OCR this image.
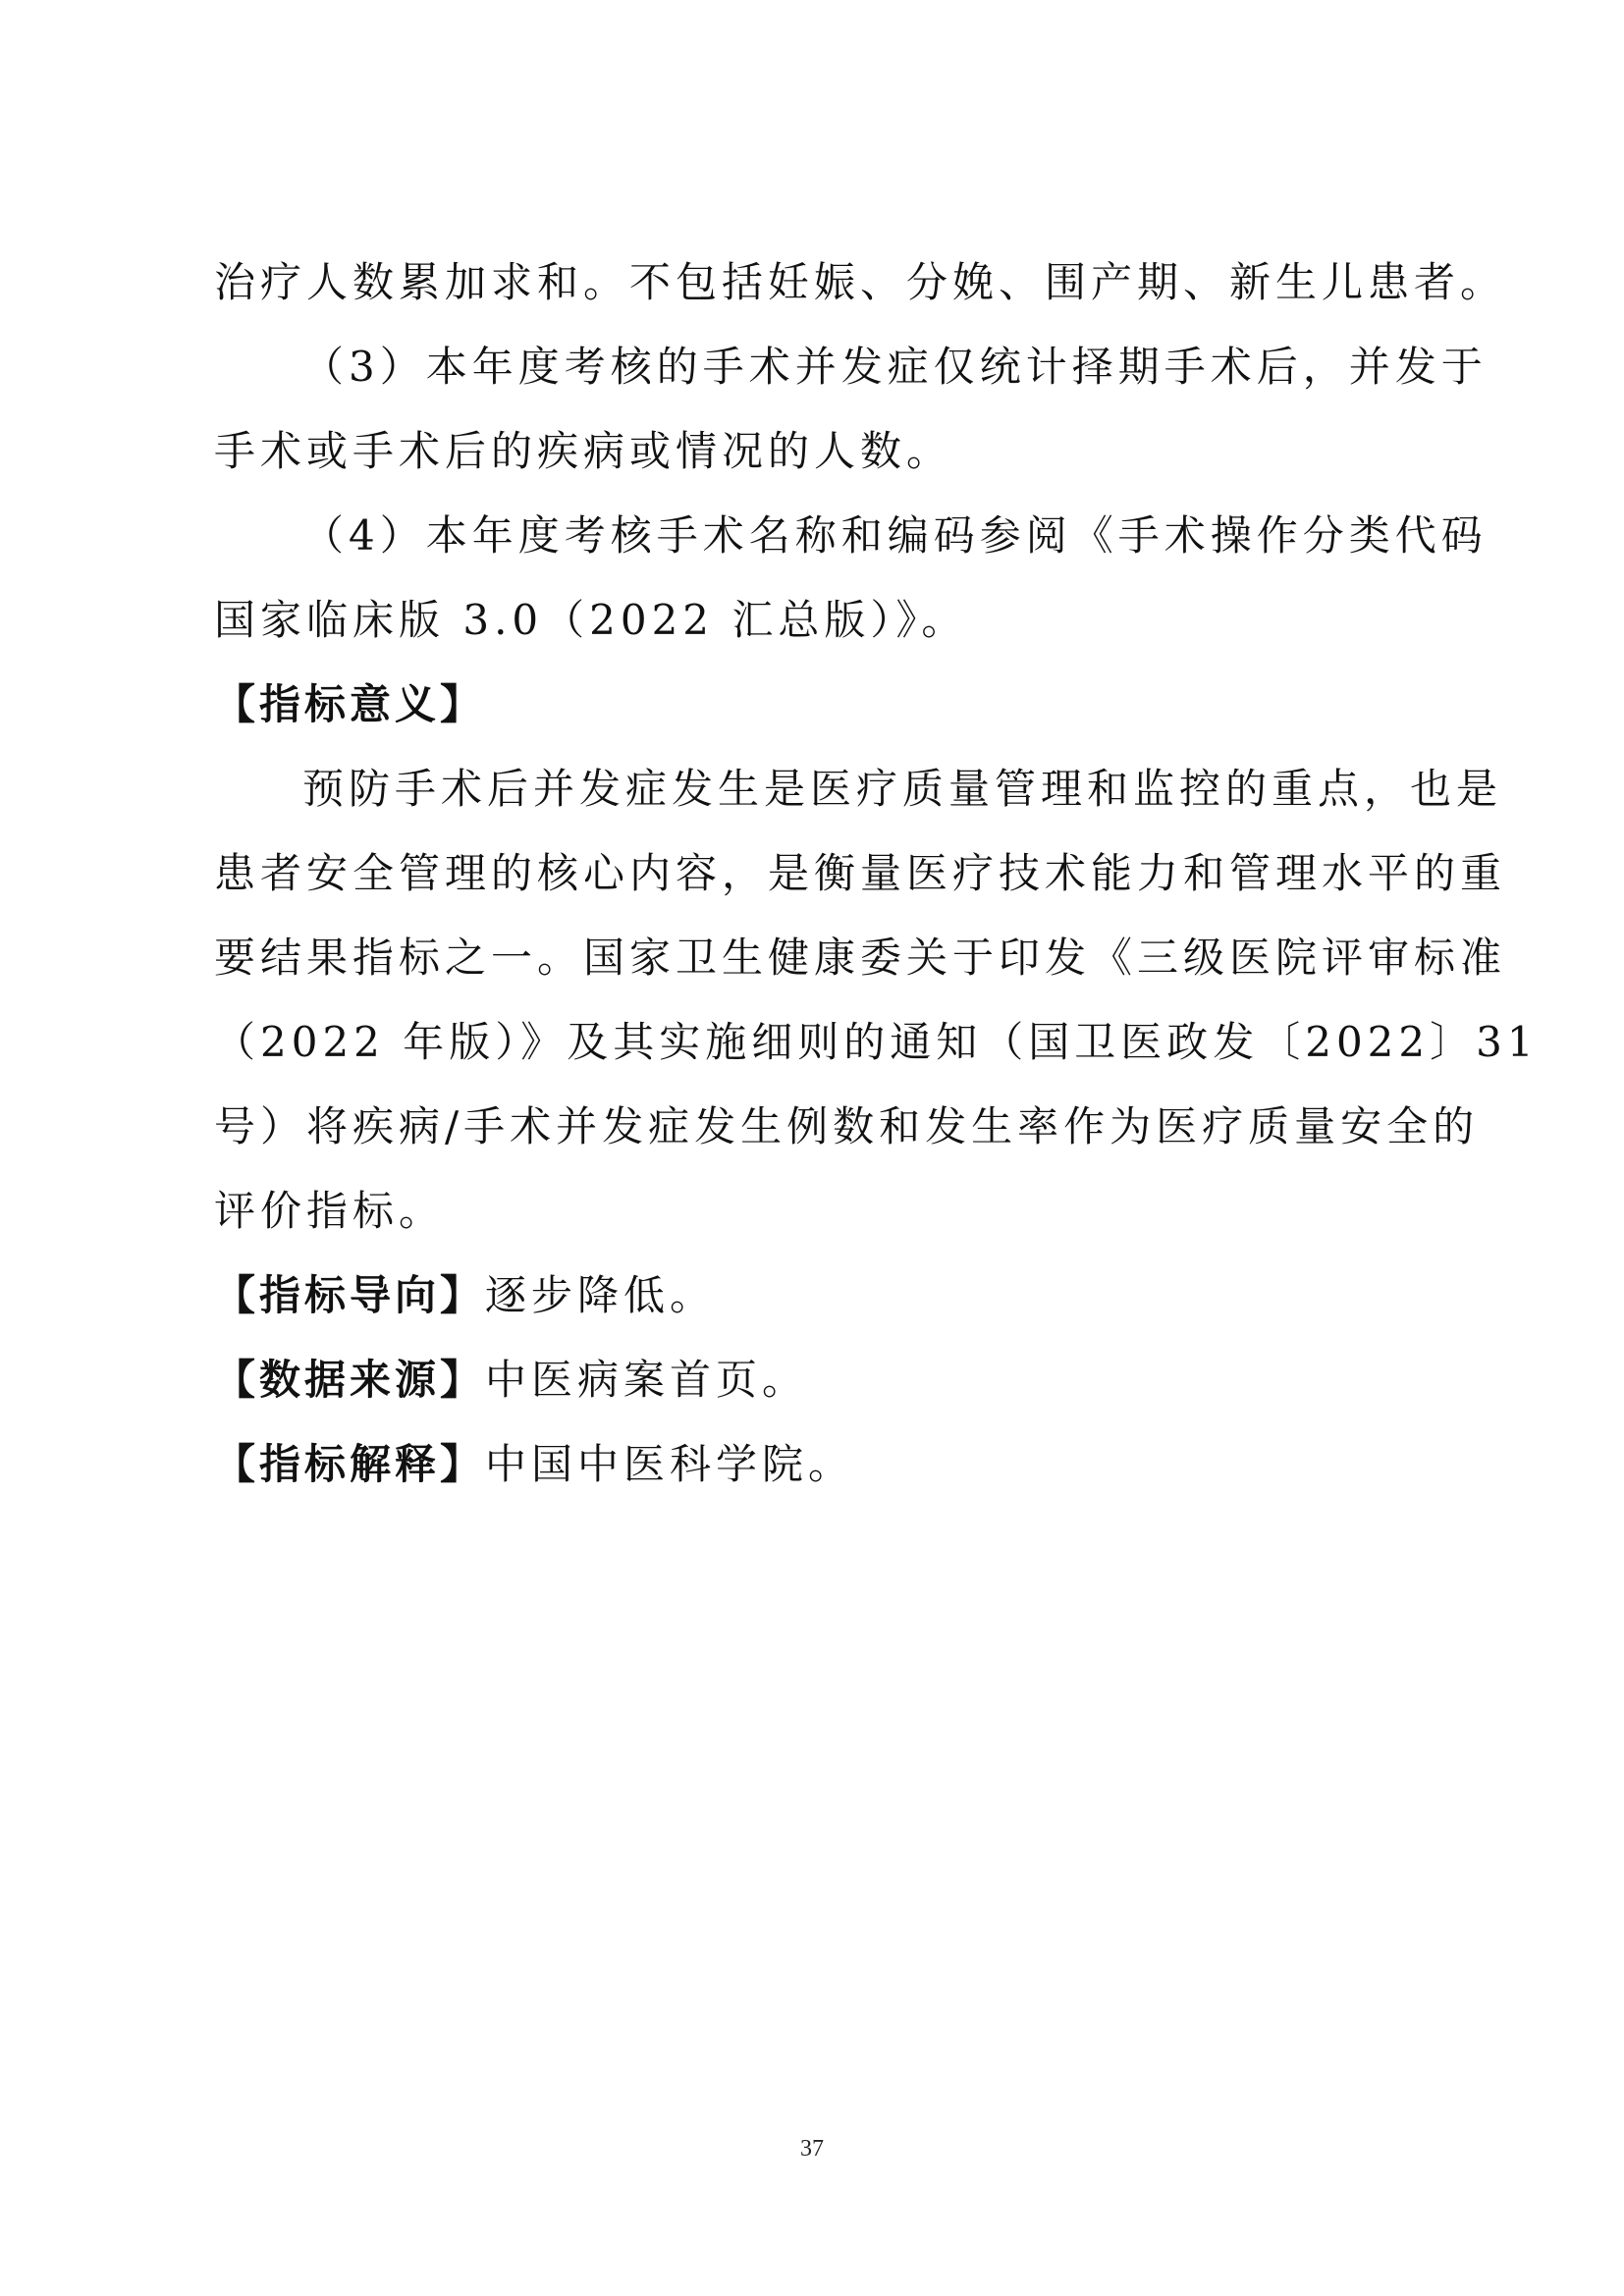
治疗人数累加求和。不包括妊娠、分娩、围产期、新生儿患者。
（3）本年度考核的手术并发症仅统计择期手术后，并发于
手术或手术后的疾病或情况的人数。
（4）本年度考核手术名称和编码参阅《手术操作分类代码
国家临床版 3.0（2022 汇总版）》。
【指标意义】
预防手术后并发症发生是医疗质量管理和监控的重点，也是
患者安全管理的核心内容，是衡量医疗技术能力和管理水平的重
要结果指标之一。国家卫生健康委关于印发《三级医院评审标准
（2022 年版）》及其实施细则的通知（国卫医政发〔2022〕31
号）将疾病/手术并发症发生例数和发生率作为医疗质量安全的
评价指标。
【指标导向】逐步降低。
【数据来源】中医病案首页。
【指标解释】中国中医科学院。
37
